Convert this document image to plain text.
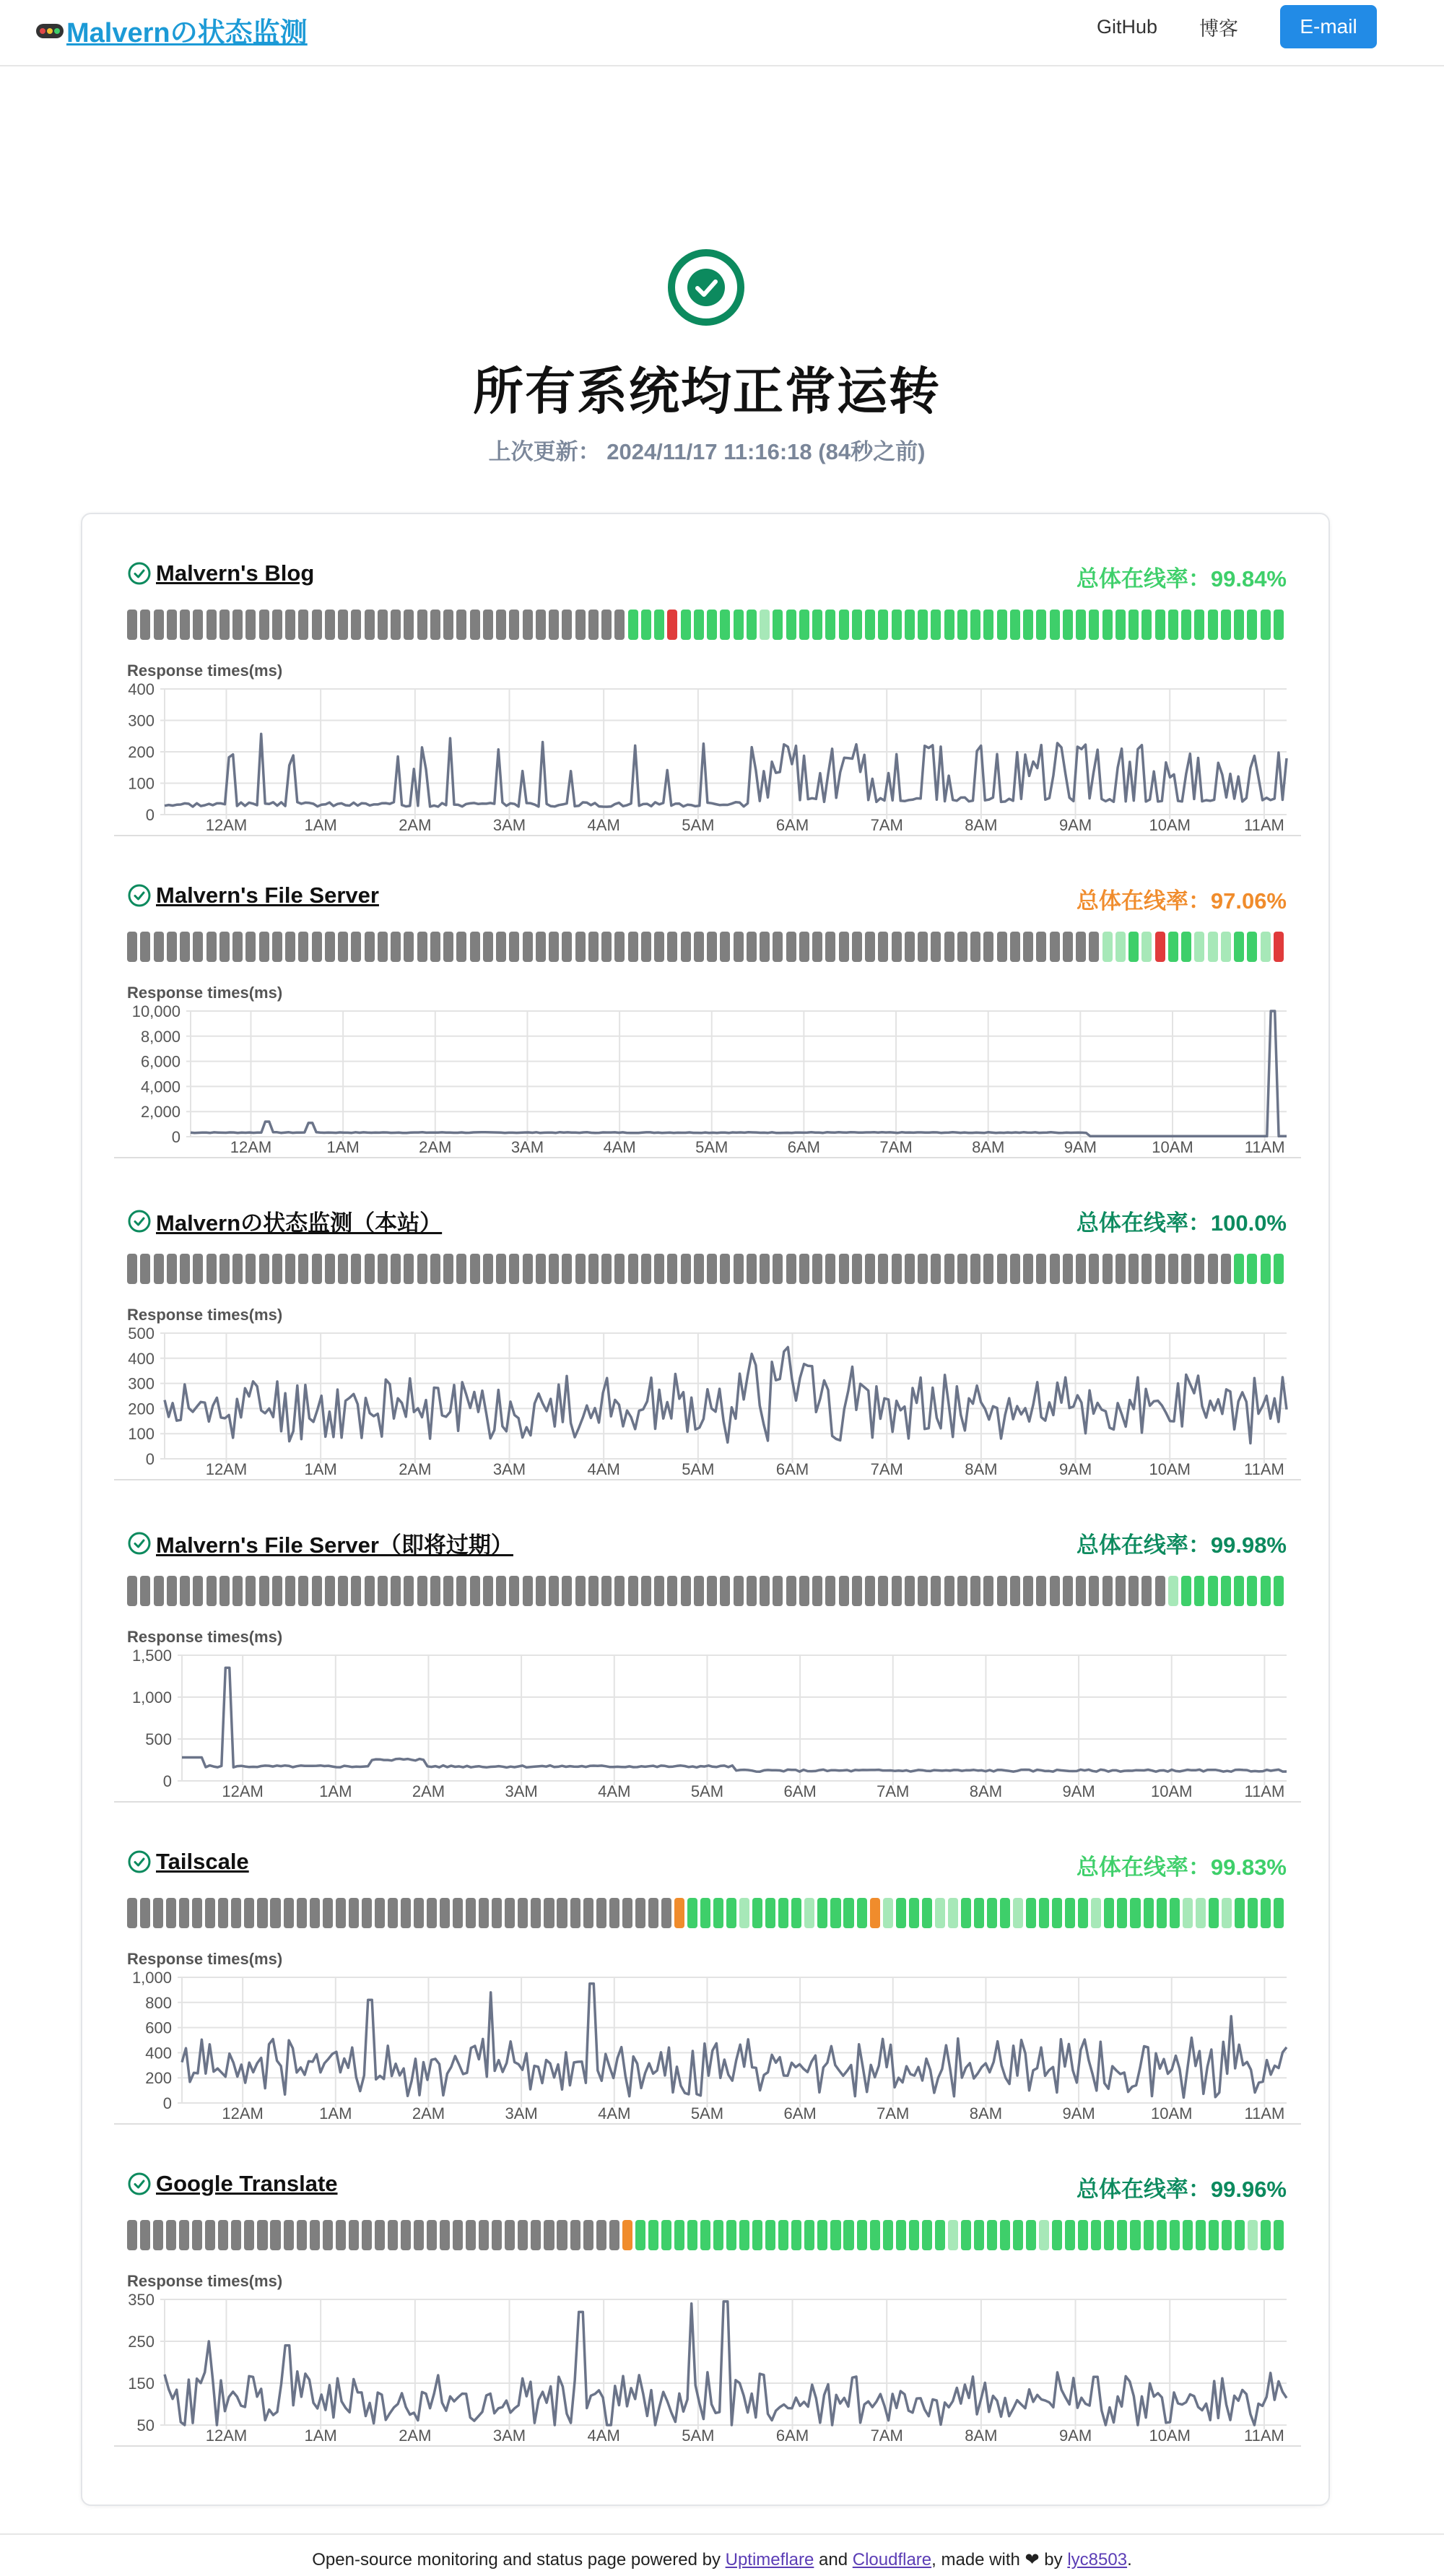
Malvernの状态监测	GitHub 博客	E-mail
所有系统均正常运转
上次更新： 2024/11/17 11:16:18 (84秒之前)
Malvern's Blog	总体在线率：99.84%
Response times(ms)
0
100
200
300
400
12AM	1AM	2AM	3AM	4AM	5AM	6AM	7AM	8AM	9AM	10AM	11AM
Malvern's File Server	总体在线率：97.06%
Response times(ms)
0
2,000
4,000
6,000
8,000
10,000
12AM	1AM	2AM	3AM	4AM	5AM	6AM	7AM	8AM	9AM	10AM	11AM
Malvernの状态监测（本站）	总体在线率：100.0%
Response times(ms)
0
100
200
300
400
500
12AM	1AM	2AM	3AM	4AM	5AM	6AM	7AM	8AM	9AM	10AM	11AM
Malvern's File Server（即将过期）	总体在线率：99.98%
Response times(ms)
0
500
1,000
1,500
12AM	1AM	2AM	3AM	4AM	5AM	6AM	7AM	8AM	9AM	10AM	11AM
Tailscale	总体在线率：99.83%
Response times(ms)
0
200
400
600
800
1,000
12AM	1AM	2AM	3AM	4AM	5AM	6AM	7AM	8AM	9AM	10AM	11AM
Google Translate	总体在线率：99.96%
Response times(ms)
50
150
250
350
12AM	1AM	2AM	3AM	4AM	5AM	6AM	7AM	8AM	9AM	10AM	11AM
Open-source monitoring and status page powered by Uptimeflare and Cloudflare, made with ❤ by lyc8503.
